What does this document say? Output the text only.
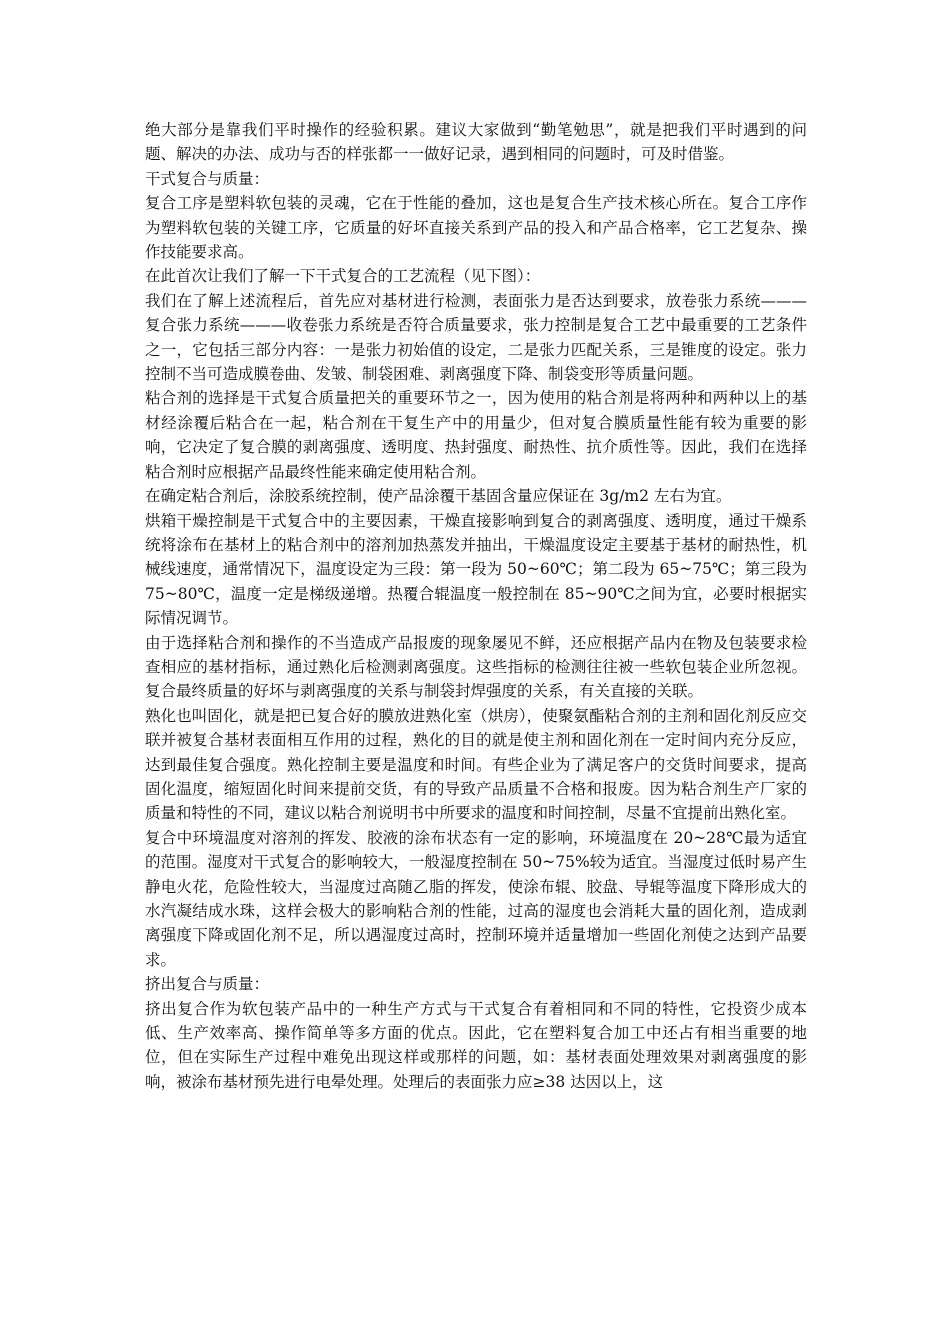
绝大部分是靠我们平时操作的经验积累。建议大家做到“勤笔勉思”，就是把我们平时遇到的问题、解决的办法、成功与否的样张都一一做好记录，遇到相同的问题时，可及时借鉴。

干式复合与质量：

复合工序是塑料软包装的灵魂，它在于性能的叠加，这也是复合生产技术核心所在。复合工序作为塑料软包装的关键工序，它质量的好坏直接关系到产品的投入和产品合格率，它工艺复杂、操作技能要求高。

在此首次让我们了解一下干式复合的工艺流程（见下图）：

我们在了解上述流程后，首先应对基材进行检测，表面张力是否达到要求，放卷张力系统———复合张力系统———收卷张力系统是否符合质量要求，张力控制是复合工艺中最重要的工艺条件之一，它包括三部分内容：一是张力初始值的设定，二是张力匹配关系，三是锥度的设定。张力控制不当可造成膜卷曲、发皱、制袋困难、剥离强度下降、制袋变形等质量问题。

粘合剂的选择是干式复合质量把关的重要环节之一，因为使用的粘合剂是将两种和两种以上的基材经涂覆后粘合在一起，粘合剂在干复生产中的用量少，但对复合膜质量性能有较为重要的影响，它决定了复合膜的剥离强度、透明度、热封强度、耐热性、抗介质性等。因此，我们在选择粘合剂时应根据产品最终性能来确定使用粘合剂。

在确定粘合剂后，涂胶系统控制，使产品涂覆干基固含量应保证在 3g/m2 左右为宜。

烘箱干燥控制是干式复合中的主要因素，干燥直接影响到复合的剥离强度、透明度，通过干燥系统将涂布在基材上的粘合剂中的溶剂加热蒸发并抽出，干燥温度设定主要基于基材的耐热性，机械线速度，通常情况下，温度设定为三段：第一段为 50~60℃；第二段为 65~75℃；第三段为 75~80℃，温度一定是梯级递增。热覆合辊温度一般控制在 85~90℃之间为宜，必要时根据实际情况调节。

由于选择粘合剂和操作的不当造成产品报废的现象屡见不鲜，还应根据产品内在物及包装要求检查相应的基材指标，通过熟化后检测剥离强度。这些指标的检测往往被一些软包装企业所忽视。复合最终质量的好坏与剥离强度的关系与制袋封焊强度的关系，有关直接的关联。

熟化也叫固化，就是把已复合好的膜放进熟化室（烘房），使聚氨酯粘合剂的主剂和固化剂反应交联并被复合基材表面相互作用的过程，熟化的目的就是使主剂和固化剂在一定时间内充分反应，达到最佳复合强度。熟化控制主要是温度和时间。有些企业为了满足客户的交货时间要求，提高固化温度，缩短固化时间来提前交货，有的导致产品质量不合格和报废。因为粘合剂生产厂家的质量和特性的不同，建议以粘合剂说明书中所要求的温度和时间控制，尽量不宜提前出熟化室。

复合中环境温度对溶剂的挥发、胶液的涂布状态有一定的影响，环境温度在 20~28℃最为适宜的范围。湿度对干式复合的影响较大，一般湿度控制在 50~75%较为适宜。当湿度过低时易产生静电火花，危险性较大，当湿度过高随乙脂的挥发，使涂布辊、胶盘、导辊等温度下降形成大的水汽凝结成水珠，这样会极大的影响粘合剂的性能，过高的湿度也会消耗大量的固化剂，造成剥离强度下降或固化剂不足，所以遇湿度过高时，控制环境并适量增加一些固化剂使之达到产品要求。

挤出复合与质量：

挤出复合作为软包装产品中的一种生产方式与干式复合有着相同和不同的特性，它投资少成本低、生产效率高、操作简单等多方面的优点。因此，它在塑料复合加工中还占有相当重要的地位，但在实际生产过程中难免出现这样或那样的问题，如：基材表面处理效果对剥离强度的影响，被涂布基材预先进行电晕处理。处理后的表面张力应≥38 达因以上，这
